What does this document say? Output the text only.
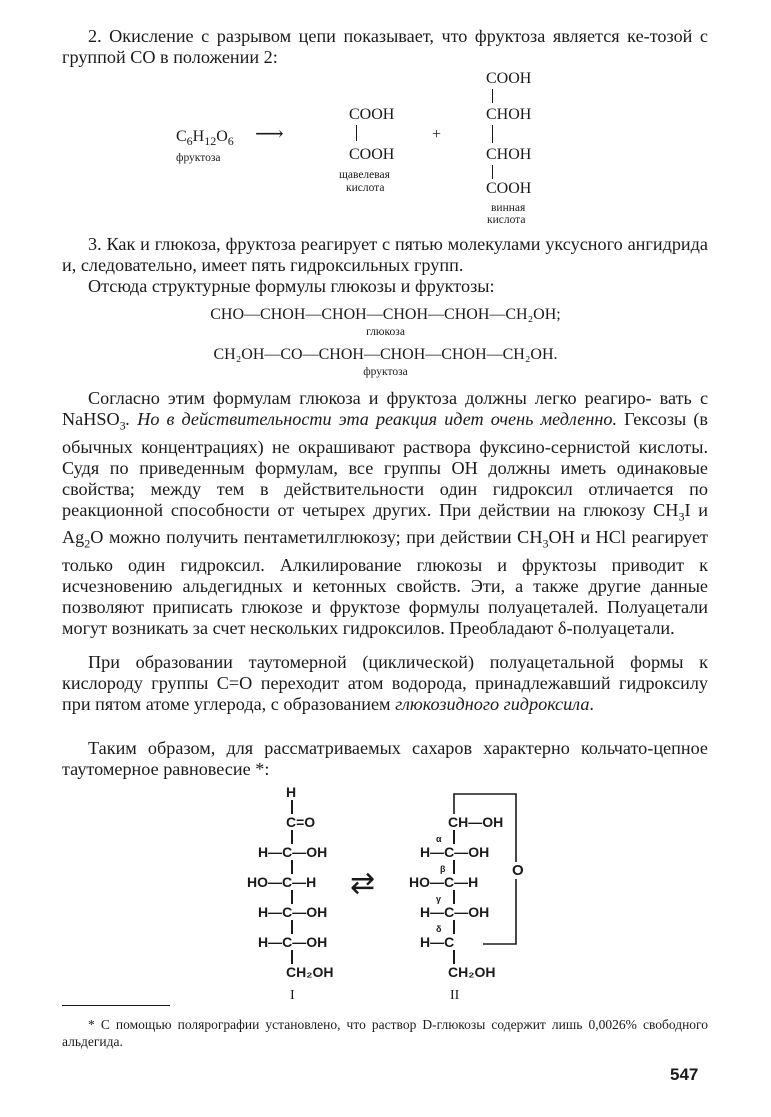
2. Окисление с разрывом цепи показывает, что фруктоза является ке-тозой с группой СО в положении 2:

$C_6H_{12}O_6$
фруктоза
⟶
COOH
COOH
щавелевая
кислота
+
COOH
CHOH
CHOH
COOH
винная
кислота

3. Как и глюкоза, фруктоза реагирует с пятью молекулами уксусного ангидрида и, следовательно, имеет пять гидроксильных групп.

Отсюда структурные формулы глюкозы и фруктозы:

CHO—CHOH—CHOH—CHOH—CHOH—CH₂OH;
глюкоза
CH₂OH—CO—CHOH—CHOH—CHOH—CH₂OH.
фруктоза

Согласно этим формулам глюкоза и фруктоза должны легко реагиро- вать с NaHSO$_3$. Но в действительности эта реакция идет очень медленно. Гексозы (в обычных концентрациях) не окрашивают раствора фуксино-сернистой кислоты. Судя по приведенным формулам, все группы ОН должны иметь одинаковые свойства; между тем в действительности один гидроксил отличается по реакционной способности от четырех других. При действии на глюкозу $CH_3I$ и $Ag_2O$ можно получить пентаметилглюкозу; при действии $CH_3OH$ и HCl реагирует только один гидроксил. Алкилирование глюкозы и фруктозы приводит к исчезновению альдегидных и кетонных свойств. Эти, а также другие данные позволяют приписать глюкозе и фруктозе формулы полуацеталей. Полуацетали могут возникать за счет нескольких гидроксилов. Преобладают δ-полуацетали.

При образовании таутомерной (циклической) полуацетальной формы к кислороду группы C=O переходит атом водорода, принадлежавший гидроксилу при пятом атоме углерода, с образованием глюкозидного гидроксила.

Таким образом, для рассматриваемых сахаров характерно кольчато-цепное таутомерное равновесие *:

H
C=O
H—C—OH
HO—C—H
H—C—OH
H—C—OH
CH₂OH
I
⇄	O
CH—OH
H—C—OH
α
HO—C—H
β
H—C—OH
γ
H—C
δ
CH₂OH
II

* С помощью полярографии установлено, что раствор D-глюкозы содержит лишь 0,0026% свободного альдегида.

547
